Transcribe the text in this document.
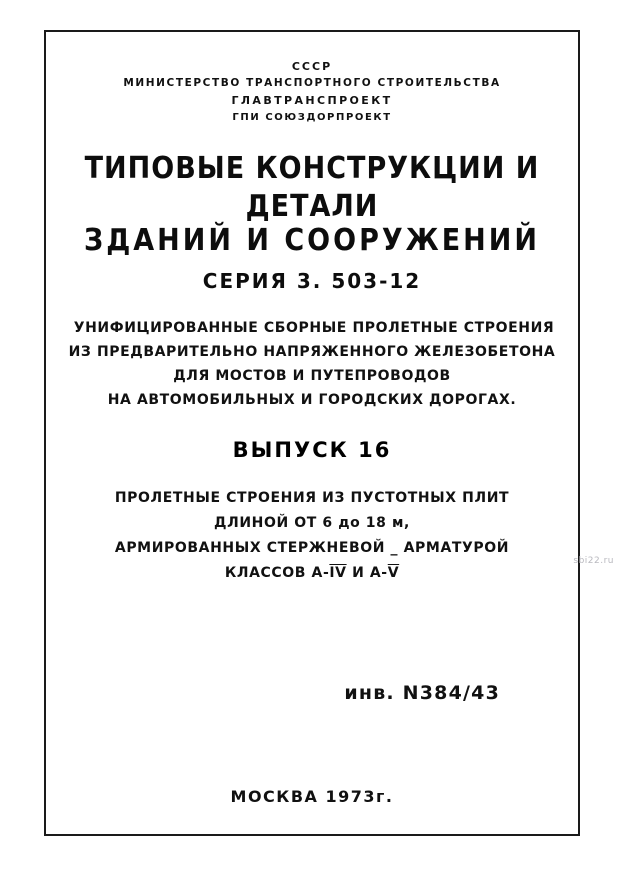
СССР
МИНИСТЕРСТВО ТРАНСПОРТНОГО СТРОИТЕЛЬСТВА
ГЛАВТРАНСПРОЕКТ
ГПИ СОЮЗДОРПРОЕКТ
ТИПОВЫЕ КОНСТРУКЦИИ И ДЕТАЛИ
ЗДАНИЙ И СООРУЖЕНИЙ
СЕРИЯ 3. 503-12
УНИФИЦИРОВАННЫЕ СБОРНЫЕ ПРОЛЕТНЫЕ СТРОЕНИЯ
ИЗ ПРЕДВАРИТЕЛЬНО НАПРЯЖЕННОГО ЖЕЛЕЗОБЕТОНА
ДЛЯ МОСТОВ И ПУТЕПРОВОДОВ
НА АВТОМОБИЛЬНЫХ И ГОРОДСКИХ ДОРОГАХ.
ВЫПУСК 16
ПРОЛЕТНЫЕ СТРОЕНИЯ ИЗ ПУСТОТНЫХ ПЛИТ
ДЛИНОЙ ОТ 6 до 18 м,
АРМИРОВАННЫХ СТЕРЖНЕВОЙ _ АРМАТУРОЙ
КЛАССОВ $А-\overline{IV}$ И $А-\overline{V}$
инв. N384/43
МОСКВА 1973г.
sbi22.ru
